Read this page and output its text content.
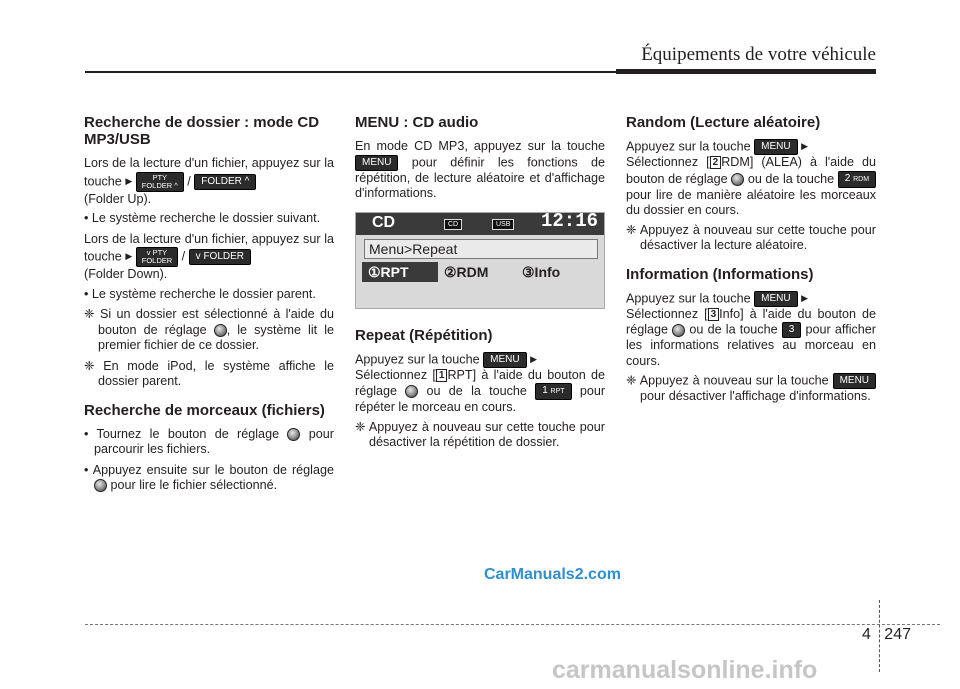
Équipements de votre véhicule
Recherche de dossier : mode CD MP3/USB

Lors de la lecture d'un fichier, appuyez sur la touche ▶	PTY
FOLDER ^ / FOLDER ^
(Folder Up).

• Le système recherche le dossier suivant.

Lors de la lecture d'un fichier, appuyez sur la touche ▶ v PTY
FOLDER / v FOLDER
(Folder Down).

• Le système recherche le dossier parent.

❈ Si un dossier est sélectionné à l'aide du bouton de réglage , le système lit le premier fichier de ce dossier.

❈ En mode iPod, le système affiche le dossier parent.

Recherche de morceaux (fichiers)

• Tournez le bouton de réglage pour parcourir les fichiers.

• Appuyez ensuite sur le bouton de réglage  pour lire le fichier sélectionné.

MENU : CD audio

En mode CD MP3, appuyez sur la touche MENU pour définir les fonctions de répétition, de lecture aléatoire et d'affichage d'informations.

CD	CD	USB 12:16
Menu>Repeat
①RPT	②RDM ③Info
Repeat (Répétition)

Appuyez sur la touche MENU ▶
Sélectionnez [ 1 RPT] à l'aide du bouton de réglage ou de la touche 1 RPT pour répéter le morceau en cours.

❈ Appuyez à nouveau sur cette touche pour désactiver la répétition de dossier.

Random (Lecture aléatoire)

Appuyez sur la touche MENU ▶
Sélectionnez [ 2 RDM] (ALEA) à l'aide du bouton de réglage ou de la touche 2 RDM pour lire de manière aléatoire les morceaux du dossier en cours.

❈ Appuyez à nouveau sur cette touche pour désactiver la lecture aléatoire.

Information (Informations)

Appuyez sur la touche MENU ▶
Sélectionnez [ 3 Info] à l'aide du bouton de réglage ou de la touche 3 pour afficher les informations relatives au morceau en cours.

❈ Appuyez à nouveau sur la touche MENU pour désactiver l'affichage d'informations.

CarManuals2.com
4 247
carmanualsonline.info
